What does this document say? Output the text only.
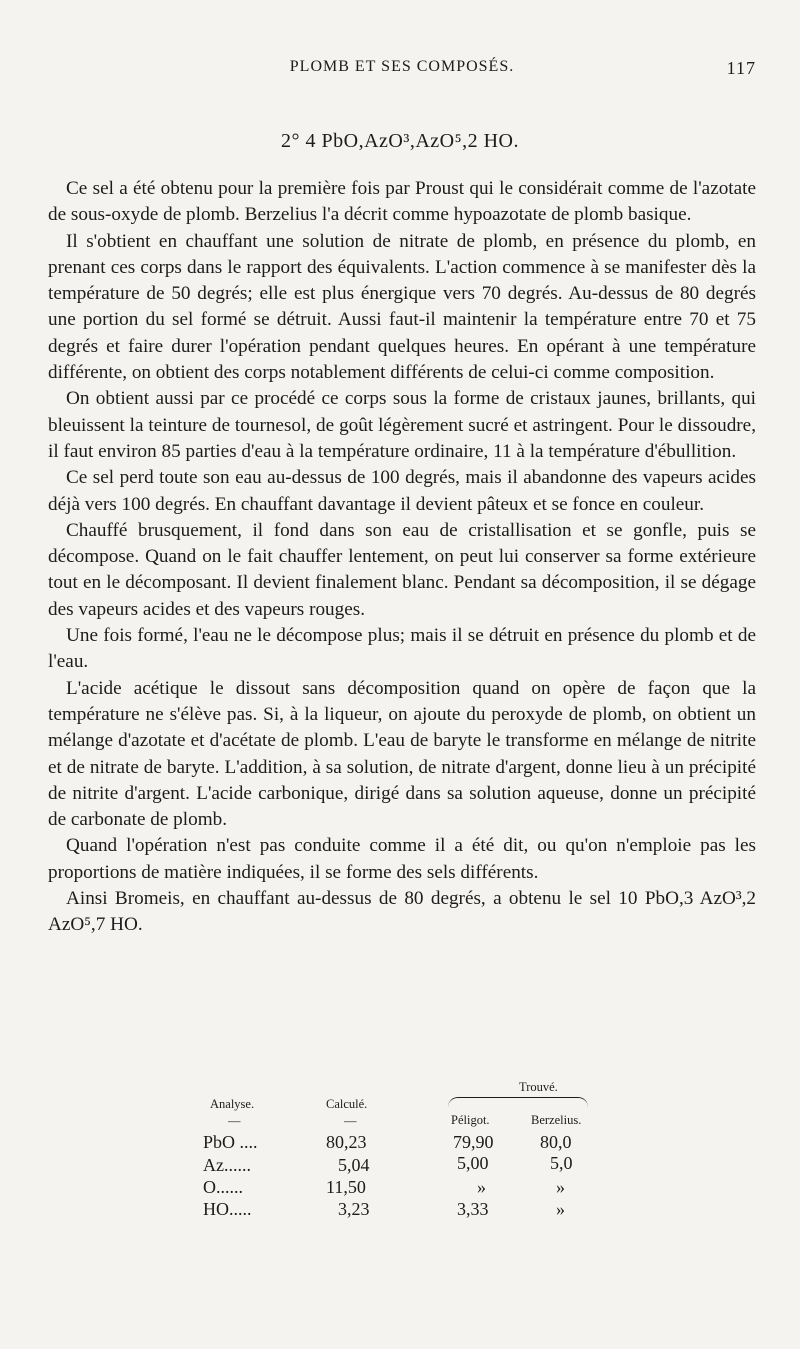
PLOMB ET SES COMPOSÉS.	117
2° 4 PbO,AzO³,AzO⁵,2 HO.

Ce sel a été obtenu pour la première fois par Proust qui le considérait comme de l'azotate de sous-oxyde de plomb. Berzelius l'a décrit comme hypoazotate de plomb basique.

Il s'obtient en chauffant une solution de nitrate de plomb, en présence du plomb, en prenant ces corps dans le rapport des équivalents. L'action commence à se manifester dès la température de 50 degrés; elle est plus énergique vers 70 degrés. Au-dessus de 80 degrés une portion du sel formé se détruit. Aussi faut-il maintenir la température entre 70 et 75 degrés et faire durer l'opération pendant quelques heures. En opérant à une température différente, on obtient des corps notablement différents de celui-ci comme composition.

On obtient aussi par ce procédé ce corps sous la forme de cristaux jaunes, brillants, qui bleuissent la teinture de tournesol, de goût légèrement sucré et astringent. Pour le dissoudre, il faut environ 85 parties d'eau à la température ordinaire, 11 à la température d'ébullition.

Ce sel perd toute son eau au-dessus de 100 degrés, mais il abandonne des vapeurs acides déjà vers 100 degrés. En chauffant davantage il devient pâteux et se fonce en couleur.

Chauffé brusquement, il fond dans son eau de cristallisation et se gonfle, puis se décompose. Quand on le fait chauffer lentement, on peut lui conserver sa forme extérieure tout en le décomposant. Il devient finalement blanc. Pendant sa décomposition, il se dégage des vapeurs acides et des vapeurs rouges.

Une fois formé, l'eau ne le décompose plus; mais il se détruit en présence du plomb et de l'eau.

L'acide acétique le dissout sans décomposition quand on opère de façon que la température ne s'élève pas. Si, à la liqueur, on ajoute du peroxyde de plomb, on obtient un mélange d'azotate et d'acétate de plomb. L'eau de baryte le transforme en mélange de nitrite et de nitrate de baryte. L'addition, à sa solution, de nitrate d'argent, donne lieu à un précipité de nitrite d'argent. L'acide carbonique, dirigé dans sa solution aqueuse, donne un précipité de carbonate de plomb.

Quand l'opération n'est pas conduite comme il a été dit, ou qu'on n'emploie pas les proportions de matière indiquées, il se forme des sels différents.

Ainsi Bromeis, en chauffant au-dessus de 80 degrés, a obtenu le sel 10 PbO,3 AzO³,2 AzO⁵,7 HO.

Trouvé.
Analyse.	Calculé.
—	—	Péligot.	Berzelius.
PbO ....	80,23	79,90	80,0
Az......	5,04	5,00	5,0
O......	11,50	»	»
HO.....	3,23	3,33	»
